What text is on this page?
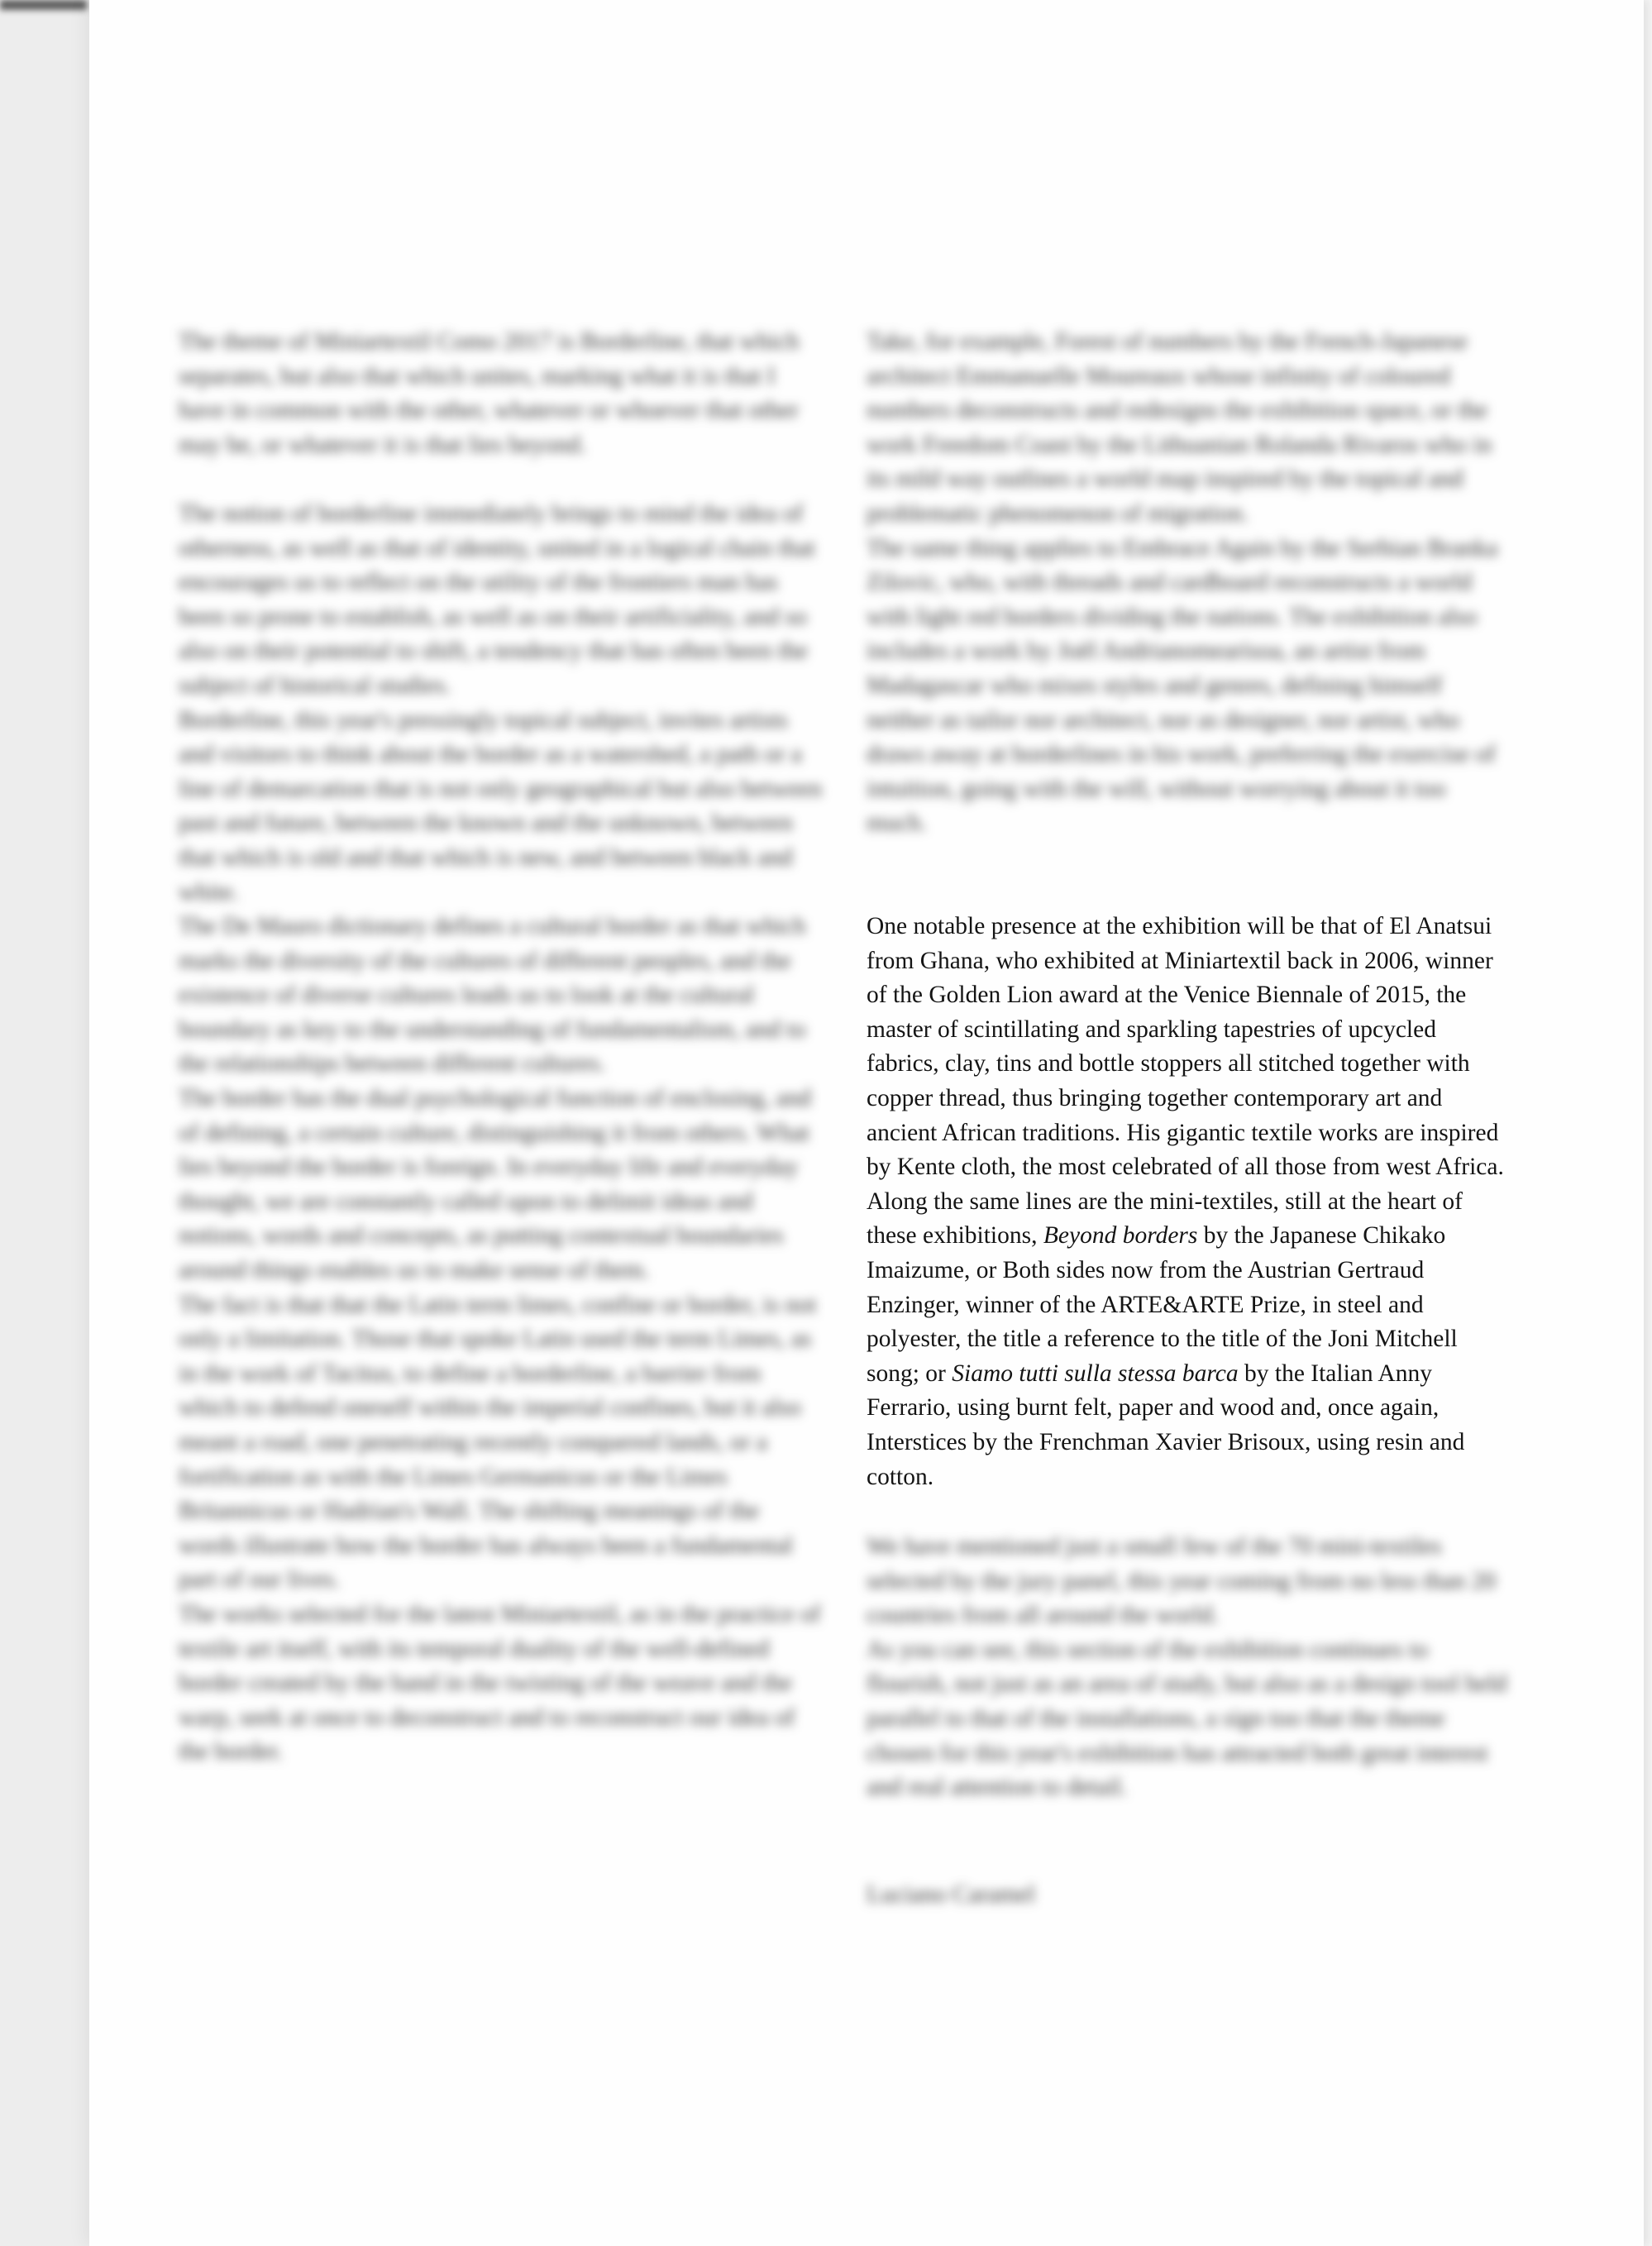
The theme of Miniartextil Como 2017 is Borderline, that which separates, but also that which unites, marking what it is that I have in common with the other, whatever or whoever that other may be, or whatever it is that lies beyond.

The notion of borderline immediately brings to mind the idea of otherness, as well as that of identity, united in a logical chain that encourages us to reflect on the utility of the frontiers man has been so prone to establish, as well as on their artificiality, and so also on their potential to shift, a tendency that has often been the subject of historical studies.

Borderline, this year's pressingly topical subject, invites artists and visitors to think about the border as a watershed, a path or a line of demarcation that is not only geographical but also between past and future, between the known and the unknown, between that which is old and that which is new, and between black and white.

The De Mauro dictionary defines a cultural border as that which marks the diversity of the cultures of different peoples, and the existence of diverse cultures leads us to look at the cultural boundary as key to the understanding of fundamentalism, and to the relationships between different cultures.

The border has the dual psychological function of enclosing, and of defining, a certain culture, distinguishing it from others. What lies beyond the border is foreign. In everyday life and everyday thought, we are constantly called upon to delimit ideas and notions, words and concepts, as putting contextual boundaries around things enables us to make sense of them.

The fact is that that the Latin term limes, confine or border, is not only a limitation. Those that spoke Latin used the term Limes, as in the work of Tacitus, to define a borderline, a barrier from which to defend oneself within the imperial confines, but it also meant a road, one penetrating recently conquered lands, or a fortification as with the Limes Germanicus or the Limes Britannicus or Hadrian's Wall. The shifting meanings of the words illustrate how the border has always been a fundamental part of our lives.

The works selected for the latest Miniartextil, as in the practice of textile art itself, with its temporal duality of the well-defined border created by the hand in the twisting of the weave and the warp, seek at once to deconstruct and to reconstruct our idea of the border.

Take, for example, Forest of numbers by the French-Japanese architect Emmanuelle Moureaux whose infinity of coloured numbers deconstructs and redesigns the exhibition space, or the work Freedom Coast by the Lithuanian Rolanda Rivaros who in its mild way outlines a world map inspired by the topical and problematic phenomenon of migration.

The same thing applies to Embrace Again by the Serbian Branka Zilovic, who, with threads and cardboard reconstructs a world with light red borders dividing the nations. The exhibition also includes a work by Joël Andrianomearisoa, an artist from Madagascar who mixes styles and genres, defining himself neither as tailor nor architect, nor as designer, nor artist, who draws away at borderlines in his work, preferring the exercise of intuition, going with the will, without worrying about it too much.

One notable presence at the exhibition will be that of El Anatsui from Ghana, who exhibited at Miniartextil back in 2006, winner of the Golden Lion award at the Venice Biennale of 2015, the master of scintillating and sparkling tapestries of upcycled fabrics, clay, tins and bottle stoppers all stitched together with copper thread, thus bringing together contemporary art and ancient African traditions. His gigantic textile works are inspired by Kente cloth, the most celebrated of all those from west Africa.

Along the same lines are the mini-textiles, still at the heart of these exhibitions, Beyond borders by the Japanese Chikako Imaizume, or Both sides now from the Austrian Gertraud Enzinger, winner of the ARTE&ARTE Prize, in steel and polyester, the title a reference to the title of the Joni Mitchell song; or Siamo tutti sulla stessa barca by the Italian Anny Ferrario, using burnt felt, paper and wood and, once again, Interstices by the Frenchman Xavier Brisoux, using resin and cotton.

We have mentioned just a small few of the 70 mini-textiles selected by the jury panel, this year coming from no less than 20 countries from all around the world.

As you can see, this section of the exhibition continues to flourish, not just as an area of study, but also as a design tool held parallel to that of the installations, a sign too that the theme chosen for this year's exhibition has attracted both great interest and real attention to detail.

Luciano Caramel
